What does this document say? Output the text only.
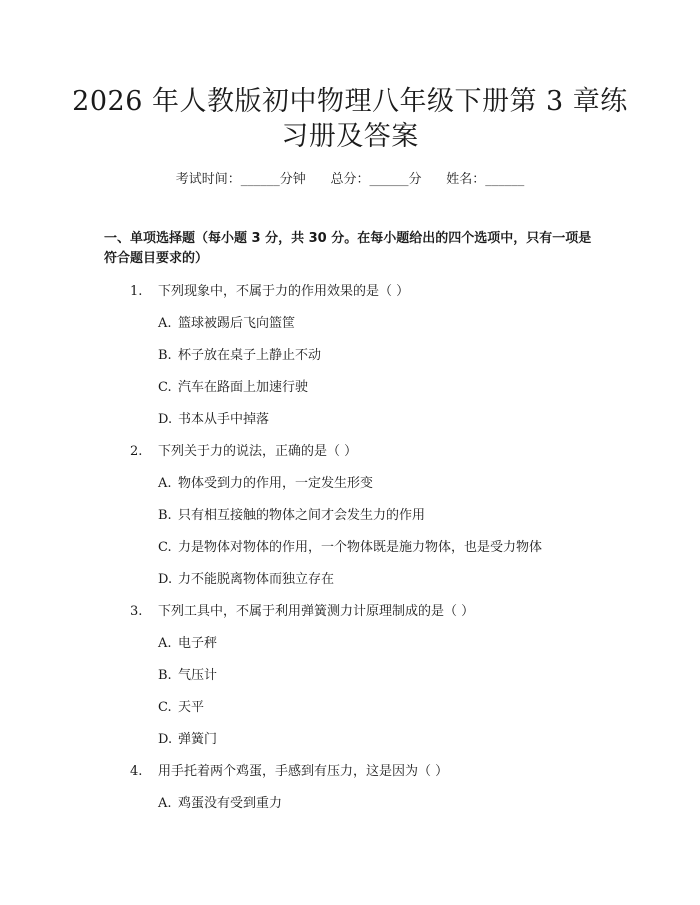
2026 年人教版初中物理八年级下册第 3 章练
习册及答案
考试时间：______分钟      总分：______分      姓名：______
一、单项选择题（每小题 3 分，共 30 分。在每小题给出的四个选项中，只有一项是符合题目要求的）
1. 下列现象中，不属于力的作用效果的是（ ）
A. 篮球被踢后飞向篮筐
B. 杯子放在桌子上静止不动
C. 汽车在路面上加速行驶
D. 书本从手中掉落
2. 下列关于力的说法，正确的是（ ）
A. 物体受到力的作用，一定发生形变
B. 只有相互接触的物体之间才会发生力的作用
C. 力是物体对物体的作用，一个物体既是施力物体，也是受力物体
D. 力不能脱离物体而独立存在
3. 下列工具中，不属于利用弹簧测力计原理制成的是（ ）
A. 电子秤
B. 气压计
C. 天平
D. 弹簧门
4. 用手托着两个鸡蛋，手感到有压力，这是因为（ ）
A. 鸡蛋没有受到重力
